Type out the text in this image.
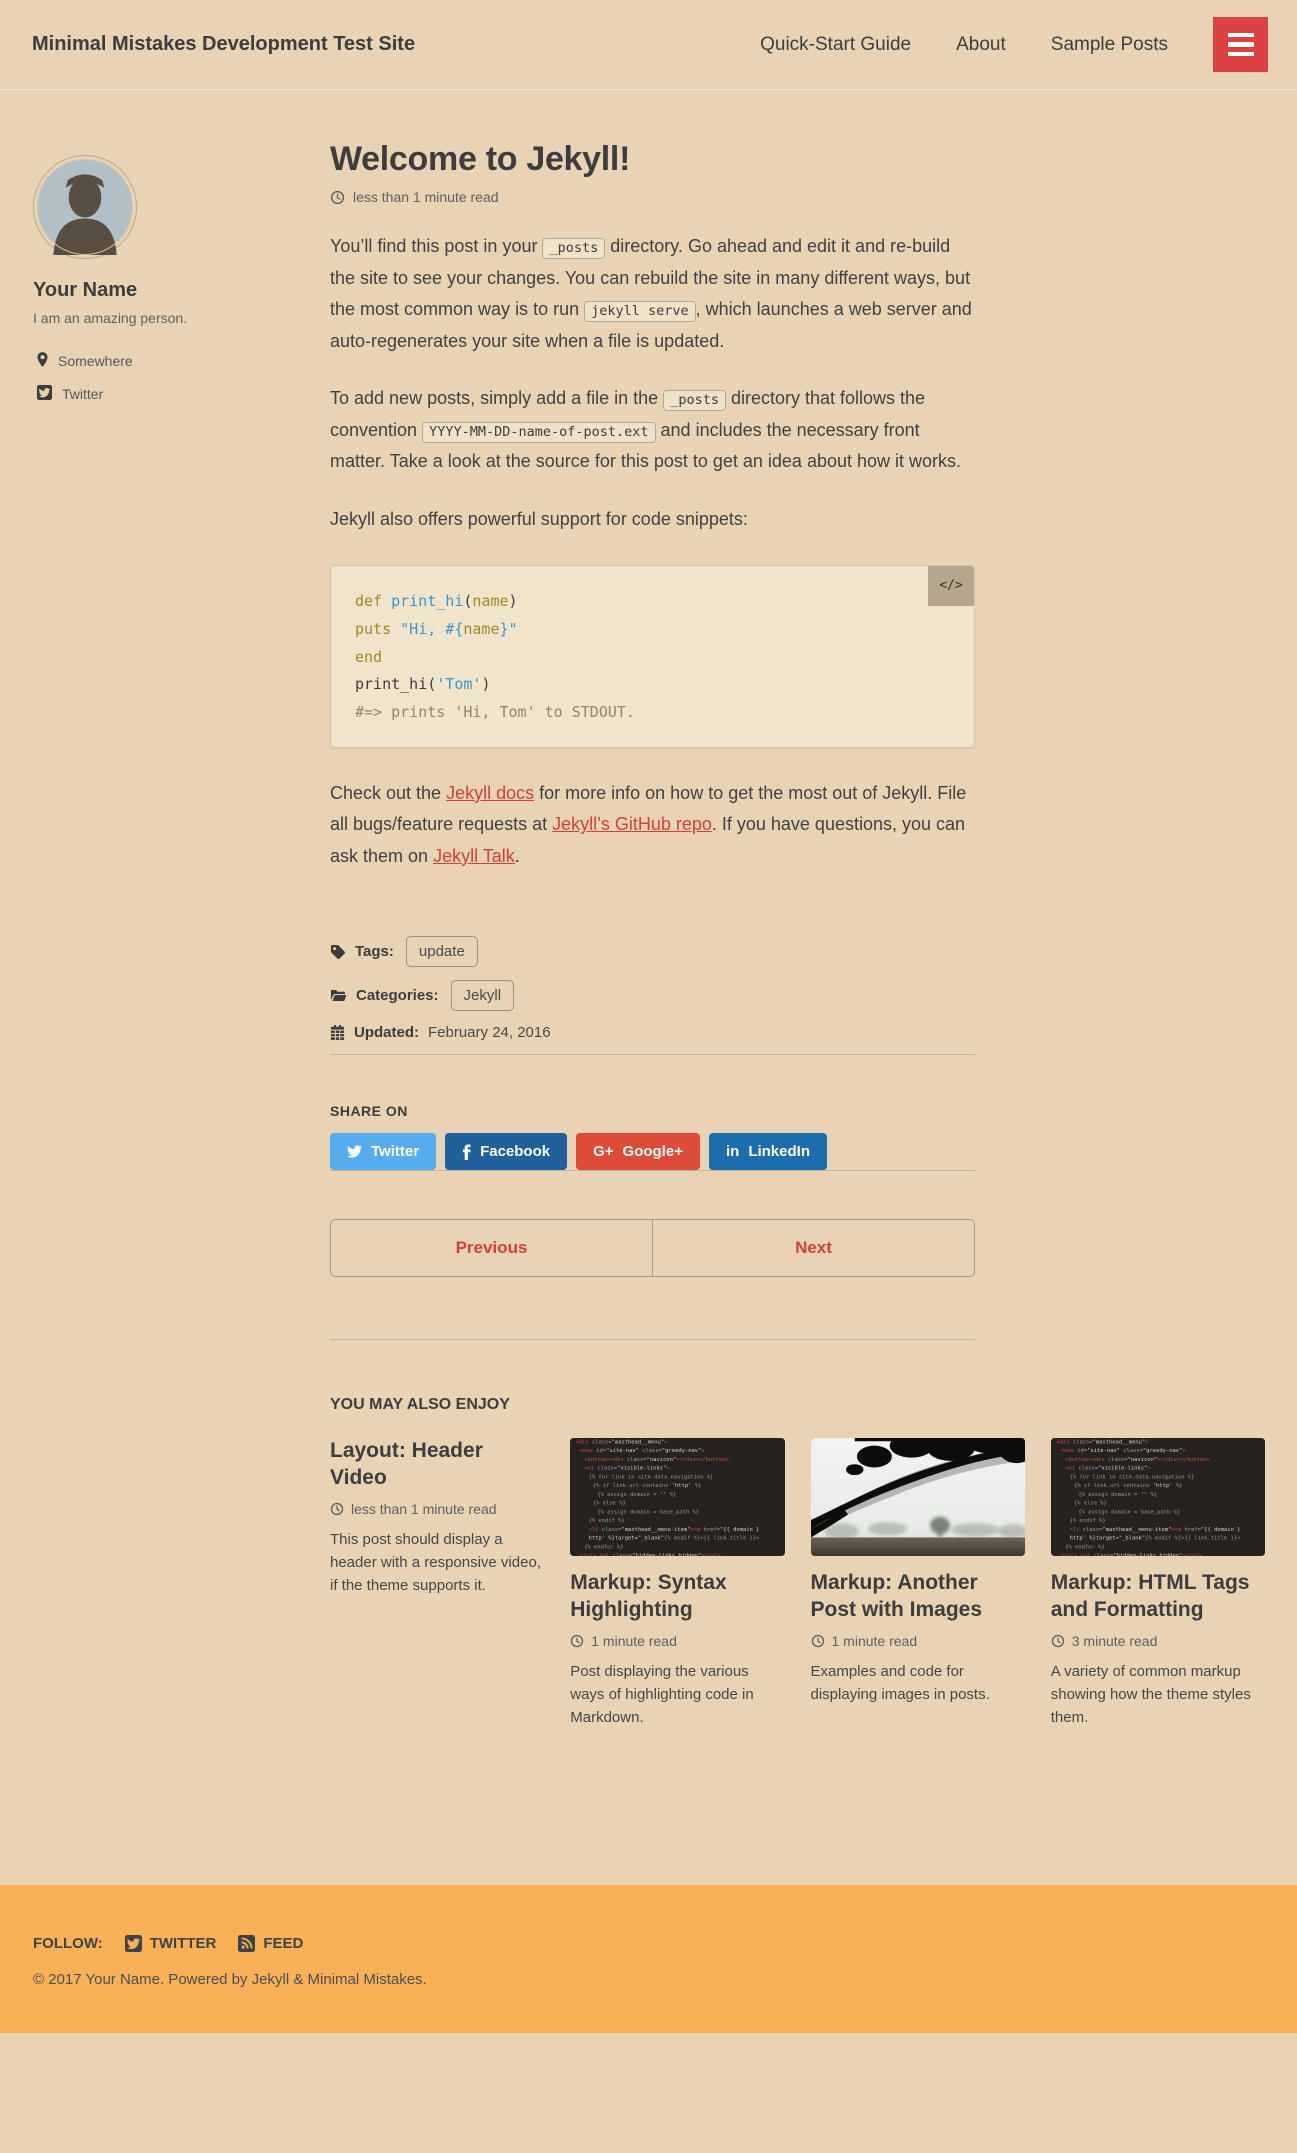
Minimal Mistakes Development Test Site	Quick-Start Guide About Sample Posts
Your Name

I am an amazing person.

Somewhere
Twitter
Welcome to Jekyll!
less than 1 minute read

You’ll find this post in your _posts directory. Go ahead and edit it and re-build the site to see your changes. You can rebuild the site in many different ways, but the most common way is to run jekyll serve , which launches a web server and auto-regenerates your site when a file is updated.

To add new posts, simply add a file in the _posts directory that follows the convention YYYY-MM-DD-name-of-post.ext and includes the necessary front matter. Take a look at the source for this post to get an idea about how it works.

Jekyll also offers powerful support for code snippets:

</>
def print_hi(name)
puts "Hi, #{name}"
end
print_hi('Tom')
#=> prints 'Hi, Tom' to STDOUT.

Check out the Jekyll docs for more info on how to get the most out of Jekyll. File all bugs/feature requests at Jekyll’s GitHub repo. If you have questions, you can ask them on Jekyll Talk.

Tags:	update
Categories:	Jekyll
Updated: February 24, 2016
SHARE ON
Twitter	Facebook	G+ Google+	in LinkedIn
Previous	Next
YOU MAY ALSO ENJOY
Layout: Header Video
less than 1 minute read

This post should display a header with a responsive video, if the theme supports it.	Markup: Syntax Highlighting
1 minute read

Post displaying the various ways of highlighting code in Markdown.

Markup: Another Post with Images
1 minute read

Examples and code for displaying images in posts.

Markup: HTML Tags and Formatting
3 minute read

A variety of common markup showing how the theme styles them.

FOLLOW:	TWITTER	FEED
© 2017 Your Name. Powered by Jekyll & Minimal Mistakes.
